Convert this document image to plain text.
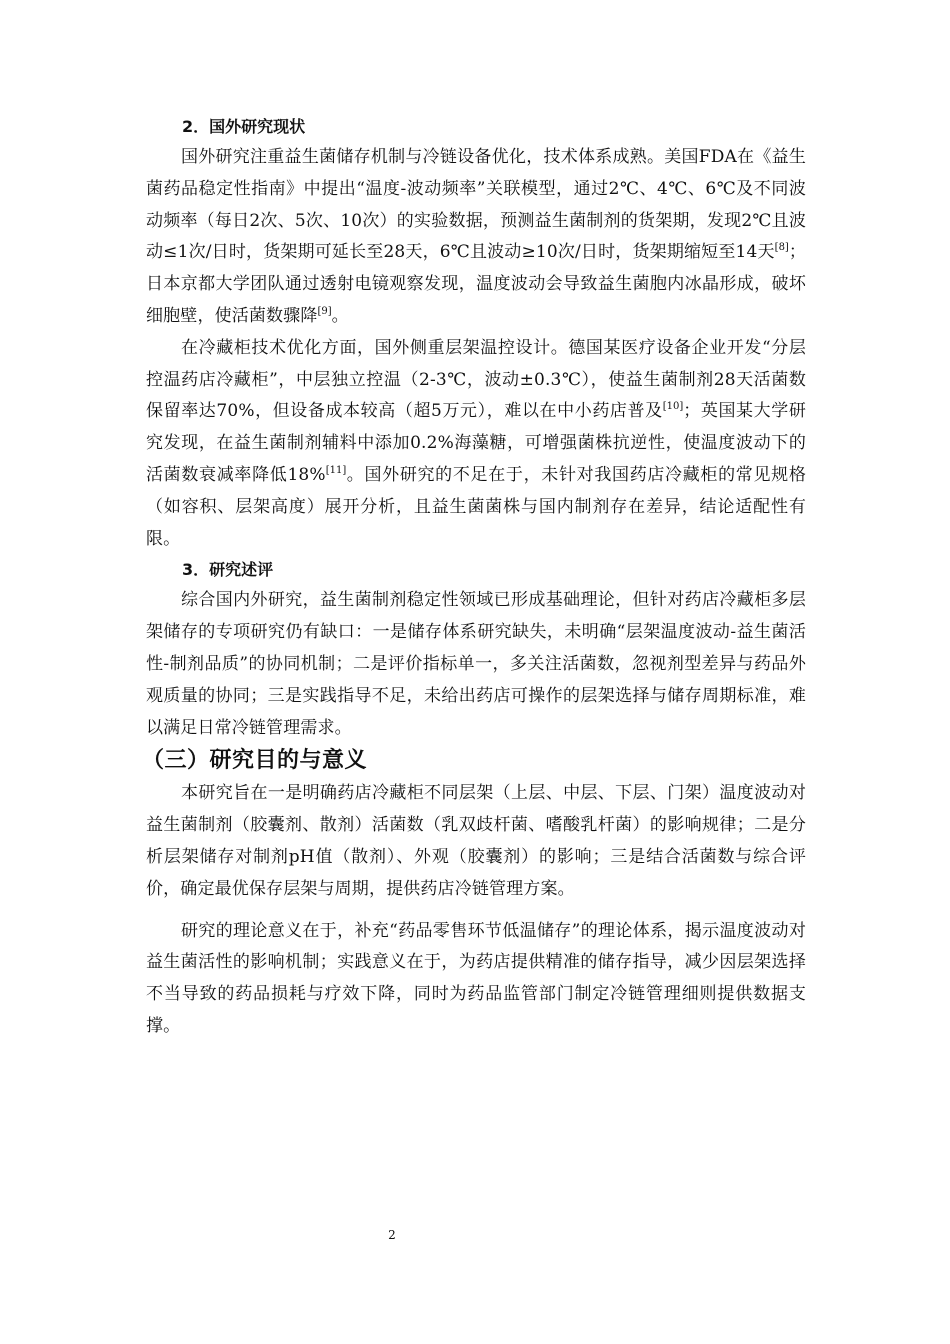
2．国外研究现状

国外研究注重益生菌储存机制与冷链设备优化，技术体系成熟。美国FDA在《益生菌药品稳定性指南》中提出“温度-波动频率”关联模型，通过2℃、4℃、6℃及不同波动频率（每日2次、5次、10次）的实验数据，预测益生菌制剂的货架期，发现2℃且波动≤1次/日时，货架期可延长至28天，6℃且波动≥10次/日时，货架期缩短至14天[8]；日本京都大学团队通过透射电镜观察发现，温度波动会导致益生菌胞内冰晶形成，破坏细胞壁，使活菌数骤降[9]。

在冷藏柜技术优化方面，国外侧重层架温控设计。德国某医疗设备企业开发“分层控温药店冷藏柜”，中层独立控温（2-3℃，波动±0.3℃），使益生菌制剂28天活菌数保留率达70%，但设备成本较高（超5万元），难以在中小药店普及[10]；英国某大学研究发现，在益生菌制剂辅料中添加0.2%海藻糖，可增强菌株抗逆性，使温度波动下的活菌数衰减率降低18%[11]。国外研究的不足在于，未针对我国药店冷藏柜的常见规格（如容积、层架高度）展开分析，且益生菌菌株与国内制剂存在差异，结论适配性有限。

3．研究述评

综合国内外研究，益生菌制剂稳定性领域已形成基础理论，但针对药店冷藏柜多层架储存的专项研究仍有缺口：一是储存体系研究缺失，未明确“层架温度波动-益生菌活性-制剂品质”的协同机制；二是评价指标单一，多关注活菌数，忽视剂型差异与药品外观质量的协同；三是实践指导不足，未给出药店可操作的层架选择与储存周期标准，难以满足日常冷链管理需求。

（三）研究目的与意义

本研究旨在一是明确药店冷藏柜不同层架（上层、中层、下层、门架）温度波动对益生菌制剂（胶囊剂、散剂）活菌数（乳双歧杆菌、嗜酸乳杆菌）的影响规律；二是分析层架储存对制剂pH值（散剂）、外观（胶囊剂）的影响；三是结合活菌数与综合评价，确定最优保存层架与周期，提供药店冷链管理方案。

研究的理论意义在于，补充“药品零售环节低温储存”的理论体系，揭示温度波动对益生菌活性的影响机制；实践意义在于，为药店提供精准的储存指导，减少因层架选择不当导致的药品损耗与疗效下降，同时为药品监管部门制定冷链管理细则提供数据支撑。

2
